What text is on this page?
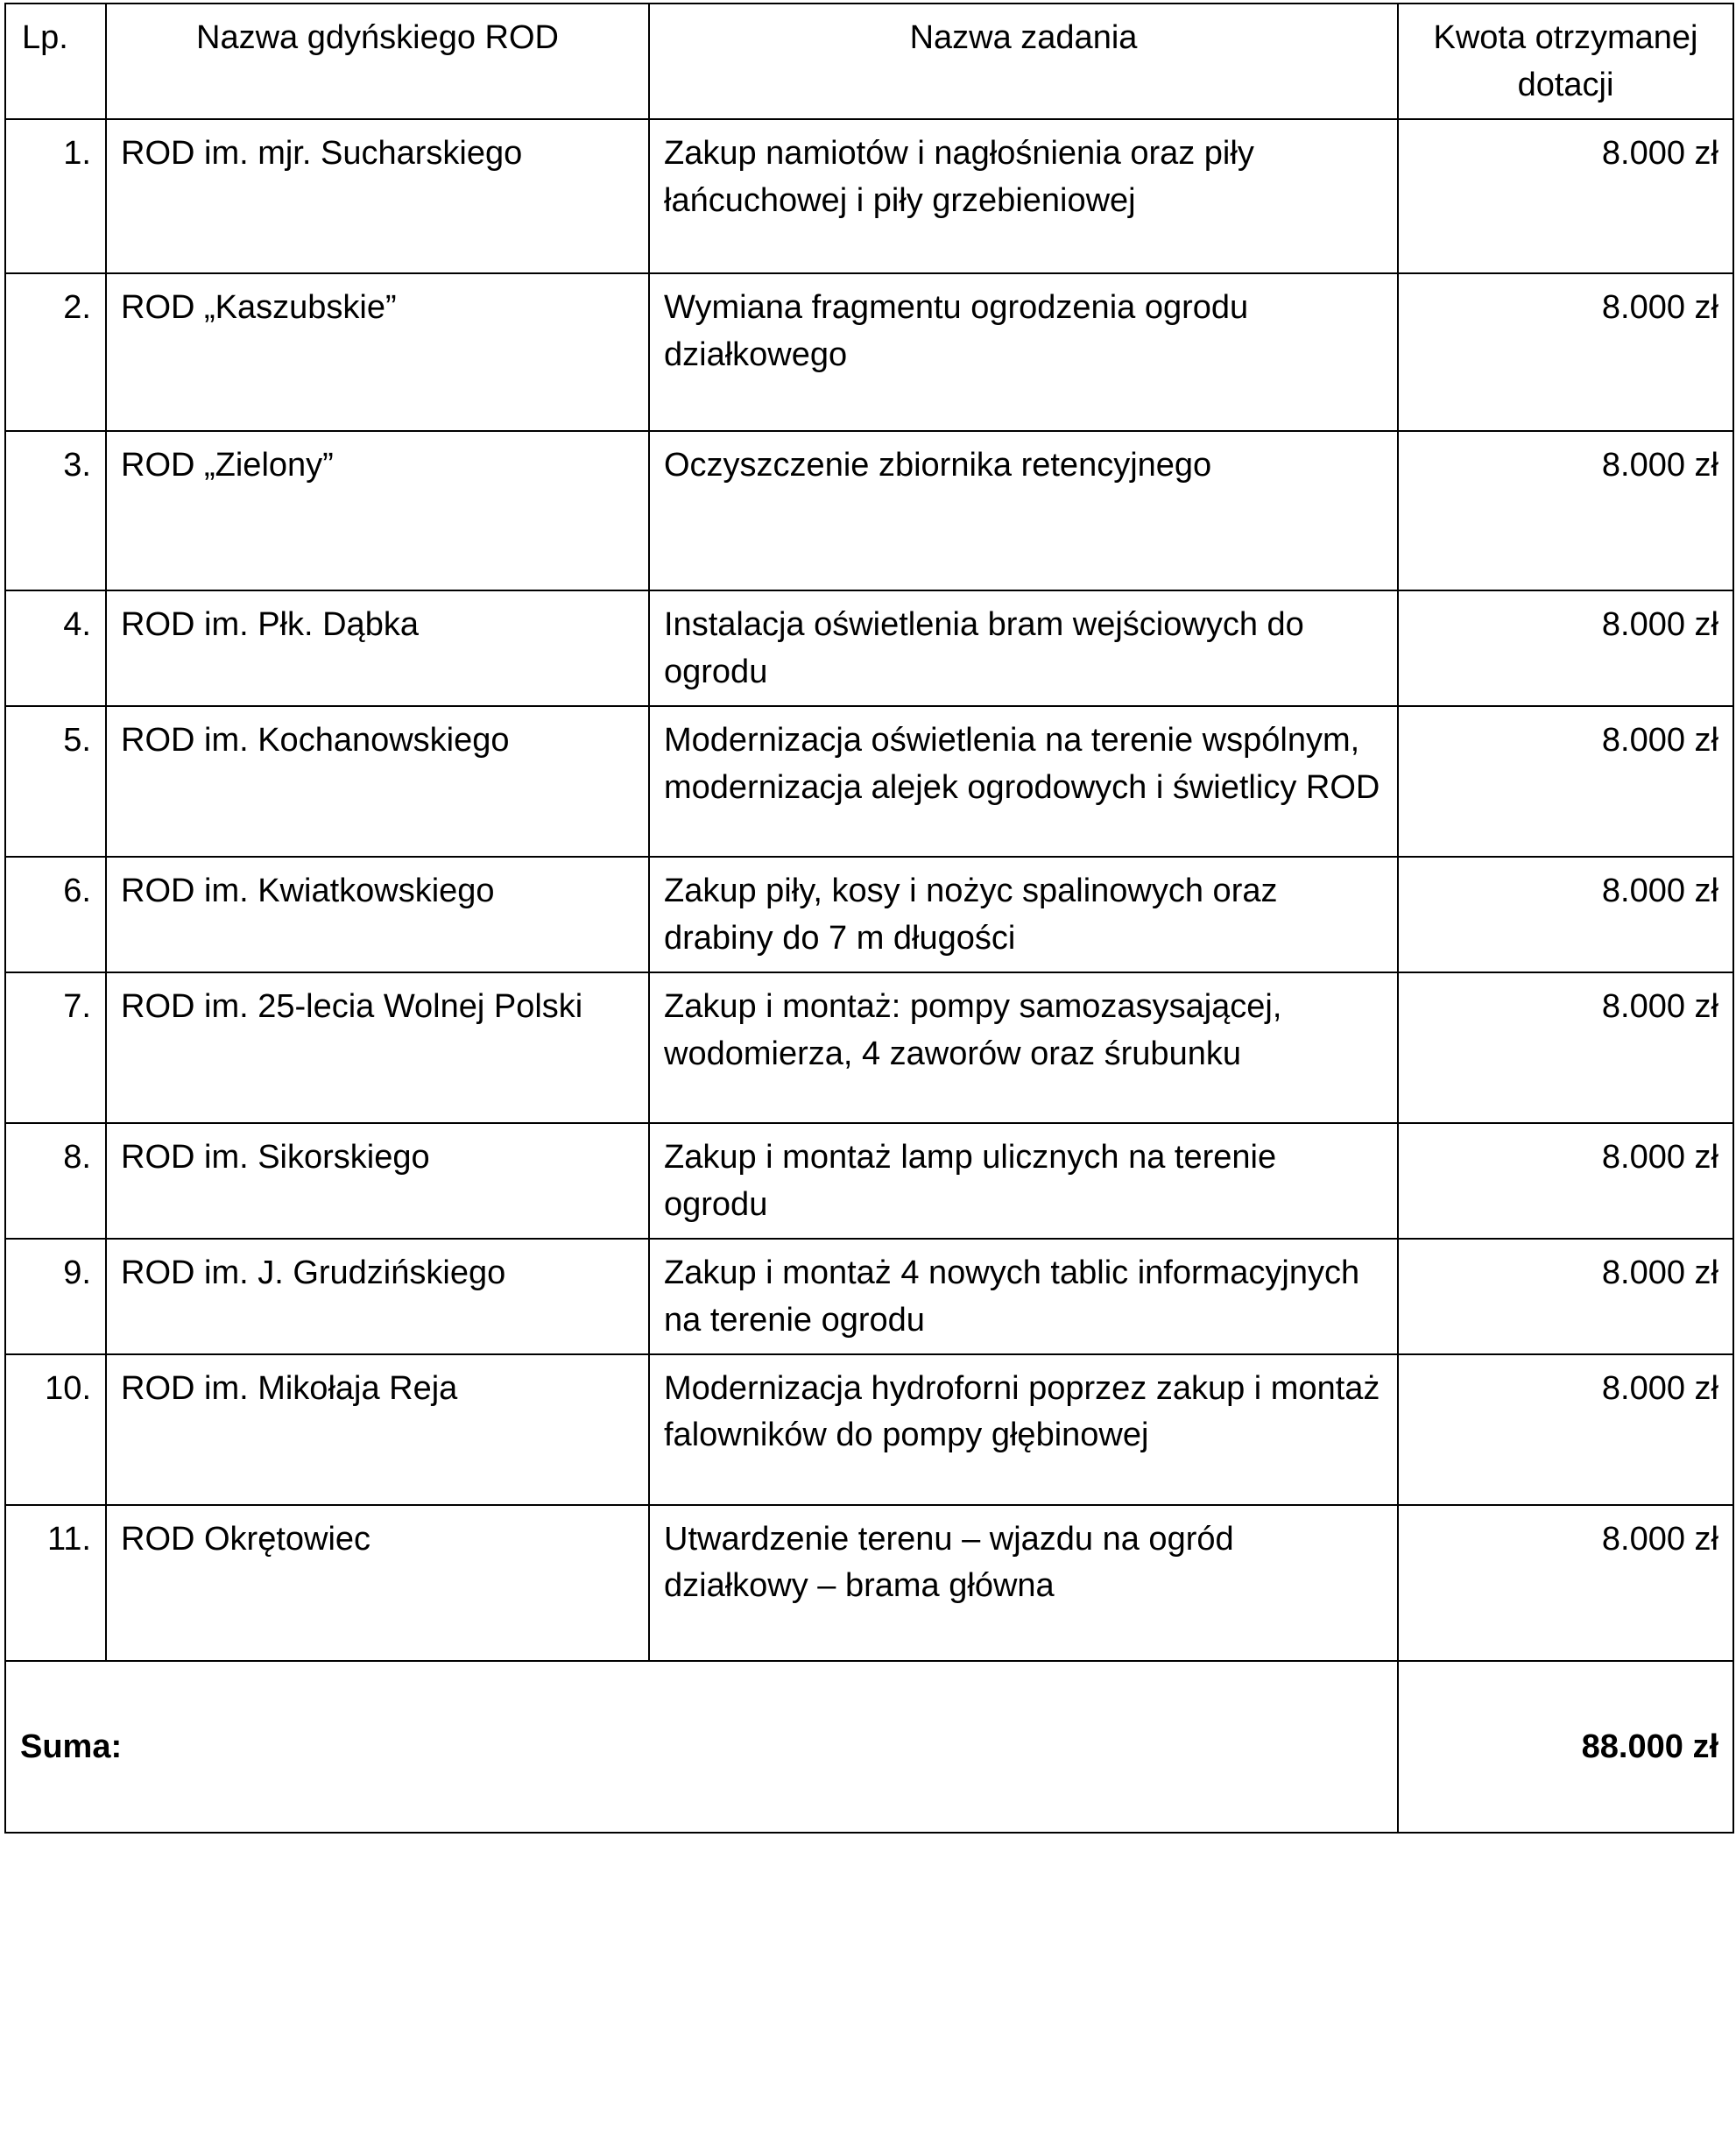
Lp.	Nazwa gdyńskiego ROD	Nazwa zadania	Kwota otrzymanej dotacji
1.	ROD im. mjr. Sucharskiego	Zakup namiotów i nagłośnienia oraz piły łańcuchowej i piły grzebieniowej	8.000 zł
2.	ROD „Kaszubskie”	Wymiana fragmentu ogrodzenia ogrodu działkowego	8.000 zł
3.	ROD „Zielony”	Oczyszczenie zbiornika retencyjnego	8.000 zł
4.	ROD im. Płk. Dąbka	Instalacja oświetlenia bram wejściowych do ogrodu	8.000 zł
5.	ROD im. Kochanowskiego	Modernizacja oświetlenia na terenie wspólnym, modernizacja alejek ogrodowych i świetlicy ROD	8.000 zł
6.	ROD im. Kwiatkowskiego	Zakup piły, kosy i nożyc spalinowych oraz drabiny do 7 m długości	8.000 zł
7.	ROD im. 25-lecia Wolnej Polski	Zakup i montaż: pompy samozasysającej, wodomierza, 4 zaworów oraz śrubunku	8.000 zł
8.	ROD im. Sikorskiego	Zakup i montaż lamp ulicznych na terenie ogrodu	8.000 zł
9.	ROD im. J. Grudzińskiego	Zakup i montaż 4 nowych tablic informacyjnych na terenie ogrodu	8.000 zł
10.	ROD im. Mikołaja Reja	Modernizacja hydroforni poprzez zakup i montaż falowników do pompy głębinowej	8.000 zł
11.	ROD Okrętowiec	Utwardzenie terenu – wjazdu na ogród działkowy – brama główna	8.000 zł
Suma:			88.000 zł
